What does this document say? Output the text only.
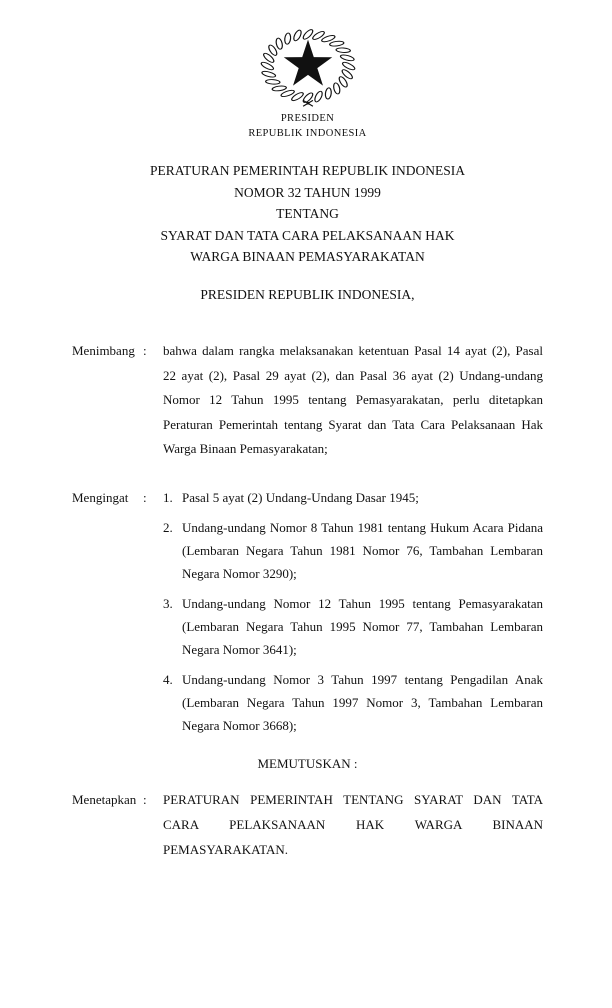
PRESIDEN
REPUBLIK INDONESIA
PERATURAN PEMERINTAH REPUBLIK INDONESIA
NOMOR 32 TAHUN 1999
TENTANG
SYARAT DAN TATA CARA PELAKSANAAN HAK
WARGA BINAAN PEMASYARAKATAN
PRESIDEN REPUBLIK INDONESIA,
Menimbang :	bahwa dalam rangka melaksanakan ketentuan Pasal 14 ayat (2), Pasal
22 ayat (2), Pasal 29 ayat (2), dan Pasal 36 ayat (2) Undang-undang
Nomor 12 Tahun 1995 tentang Pemasyarakatan, perlu ditetapkan
Peraturan Pemerintah tentang Syarat dan Tata Cara Pelaksanaan Hak
Warga Binaan Pemasyarakatan;
Mengingat	:	1. Pasal 5 ayat (2) Undang-Undang Dasar 1945;
2. Undang-undang Nomor 8 Tahun 1981 tentang Hukum Acara Pidana
(Lembaran Negara Tahun 1981 Nomor 76, Tambahan Lembaran
Negara Nomor 3290);
3. Undang-undang Nomor 12 Tahun 1995 tentang Pemasyarakatan
(Lembaran Negara Tahun 1995 Nomor 77, Tambahan Lembaran
Negara Nomor 3641);
4. Undang-undang Nomor 3 Tahun 1997 tentang Pengadilan Anak
(Lembaran Negara Tahun 1997 Nomor 3, Tambahan Lembaran
Negara Nomor 3668);
MEMUTUSKAN :
Menetapkan :	PERATURAN PEMERINTAH TENTANG SYARAT DAN TATA
CARA PELAKSANAAN HAK WARGA BINAAN
PEMASYARAKATAN.
